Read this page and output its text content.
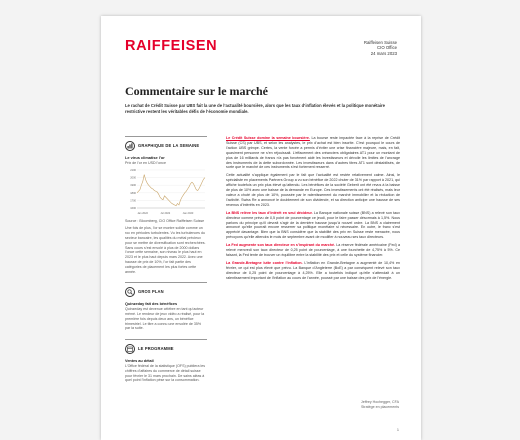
RAIFFEISEN	Raiffeisen Suisse
CIO Office
24 mars 2023
Commentaire sur le marché
Le rachat de Crédit Suisse par UBS fait la une de l’actualité boursière, alors que les taux d’inflation élevés et la politique monétaire restrictive restent les véritables défis de l’économie mondiale.
GRAPHIQUE DE LA SEMAINE
Le virus climatise l’or
Prix de l’or en USD l’once
1600
1700
1800
1900
2000
2100
Jan 2022	Jul 2022	Jan 2023
Source : Bloomberg, CIO Office Raiffeisen Suisse
Une fois de plus, l’or se montre solide comme un roc en périodes turbulentes. Vu les turbulences du secteur bancaire, les qualités du métal précieux pour se mettre de diversification sont recherchées. Sans cours s’est envolé à plus de 2000 dollars l’once cette semaine, son niveau le plus haut en 2023 et le plus haut depuis mars 2022. Avec une hausse de prix de 10%, l’or fait partie des catégories de placement les plus fortes cette année.
GROS PLAN
Quinzeday fait des bénéfices
Quinzeday est devenue célèbre en tant qu’acteur mémé. Le rendeur de jeux vidéo a réalisé, pour la première fois depuis deux ans, un bénéfice trimestriel. Le titre a connu une envolée de 35% par la suite.
LE PROGRAMME
Ventes au détail
L’Office fédéral de la statistique (OFS) publiera les chiffres d’affaires du commerce de détail suisse pour février le 31 mars prochain. De sains aléas à quel point l’inflation pèse sur la consommation.

Le Crédit Suisse domine la semaine boursière. La bourse reste impactée face à la reprise de Crédit Suisse (CS) par UBS, et selon les analystes, le prix d’achat est bien inscrite. C’est pourquoi le cours de l’action UBS grimpe. Certes, la vente forcée a permis d’éviter une crise financière majeure, mais, en fait, quasiment personne ne s’en réjouissait. L’effacement des créanciers obligataires AT1 pour un montant de plus de 16 milliards de francs n’a pas forcément aidé les investisseurs et dévoile les limites de l’ancrage des instruments de la dette subordonnée. Les investisseurs dans d’autres titres AT1 sont déstabilisés, de sorte que le marché de ces instruments s’est fortement resserré.

Cette actualité s’applique également par le fait que l’actualité est restée relativement calme. Ainsi, le spécialiste en placements Partners Group a vu son bénéfice de 2022 chuter de 31% par rapport à 2021, qui affiche toutefois un prix plus élevé qu’attendu. Les bénéfices de la société Geberit ont été revus à la baisse de plus de 10% avec une baisse de la demande en Europe. Ces investissements ont été réalisés, mais leur valeur a chuté de plus de 10%, poussée par le ralentissement du marché immobilier et la réduction de l’activité. Swiss Re a annoncé le doublement de son dividende, et sa direction anticipe une hausse de ses revenus d’intérêts en 2023.

La BNS relève les taux d’intérêt en seul décideur. La Banque nationale suisse (BNS) a relevé son taux directeur comme prévu de 0,5 point de pourcentage ce jeudi, pour le faire passer désormais à 1,5%. Nous parlons du principe qu’il devrait s’agir de la dernière hausse jusqu’à nouvel ordre. La BNS a clairement annoncé qu’elle pourrait encore resserrer sa politique monétaire si nécessaire. En outre, le franc s’est apprécié davantage. Bien que la BNS considère que la stabilité des prix en Suisse reste menacée, nous prévoyons qu’elle attendra le mois de septembre avant de modifier à nouveau ses taux directeurs.

La Fed augmente son taux directeur en s’inspirant du marché. La réserve fédérale américaine (Fed) a relevé mercredi son taux directeur de 0,25 point de pourcentage, à une fourchette de 4,75% à 5%. Ce faisant, la Fed tente de trouver un équilibre entre la stabilité des prix et celle du système financier.

La Grande-Bretagne lutte contre l’inflation. L’inflation en Grande-Bretagne a augmenté de 10,4% en février, ce qui est plus élevé que prévu. La Banque d’Angleterre (BoE) a par conséquent relevé son taux directeur de 0,25 point de pourcentage à 4,25%. Elle a toutefois indiqué qu’elle s’attendait à un ralentissement important de l’inflation au cours de l’année, poussé par une baisse des prix de l’énergie.

Jeffrey Hochegger, CFA
Stratège en placements
1
